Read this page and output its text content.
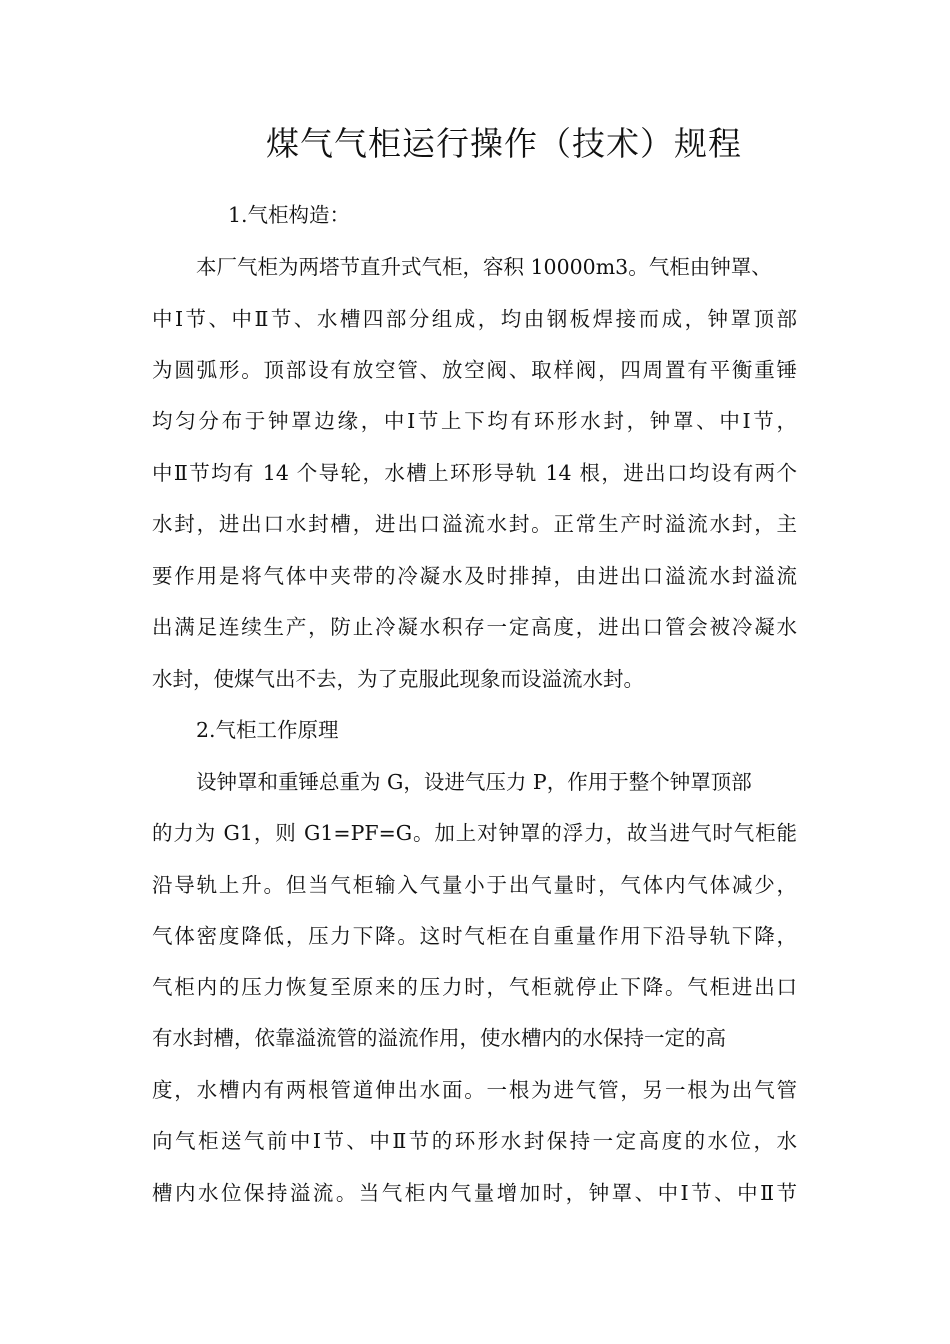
煤气气柜运行操作（技术）规程
1.气柜构造：
本厂气柜为两塔节直升式气柜，容积 10000m3。气柜由钟罩、
中Ⅰ节、中Ⅱ节、水槽四部分组成，均由钢板焊接而成，钟罩顶部
为圆弧形。顶部设有放空管、放空阀、取样阀，四周置有平衡重锤
均匀分布于钟罩边缘，中Ⅰ节上下均有环形水封，钟罩、中Ⅰ节，
中Ⅱ节均有 14 个导轮，水槽上环形导轨 14 根，进出口均设有两个
水封，进出口水封槽，进出口溢流水封。正常生产时溢流水封，主
要作用是将气体中夹带的冷凝水及时排掉，由进出口溢流水封溢流
出满足连续生产，防止冷凝水积存一定高度，进出口管会被冷凝水
水封，使煤气出不去，为了克服此现象而设溢流水封。
2.气柜工作原理
设钟罩和重锤总重为 G，设进气压力 P，作用于整个钟罩顶部
的力为 G1，则 G1=PF=G。加上对钟罩的浮力，故当进气时气柜能
沿导轨上升。但当气柜输入气量小于出气量时，气体内气体减少，
气体密度降低，压力下降。这时气柜在自重量作用下沿导轨下降，
气柜内的压力恢复至原来的压力时，气柜就停止下降。气柜进出口
有水封槽，依靠溢流管的溢流作用，使水槽内的水保持一定的高
度，水槽内有两根管道伸出水面。一根为进气管，另一根为出气管
向气柜送气前中Ⅰ节、中Ⅱ节的环形水封保持一定高度的水位，水
槽内水位保持溢流。当气柜内气量增加时，钟罩、中Ⅰ节、中Ⅱ节
